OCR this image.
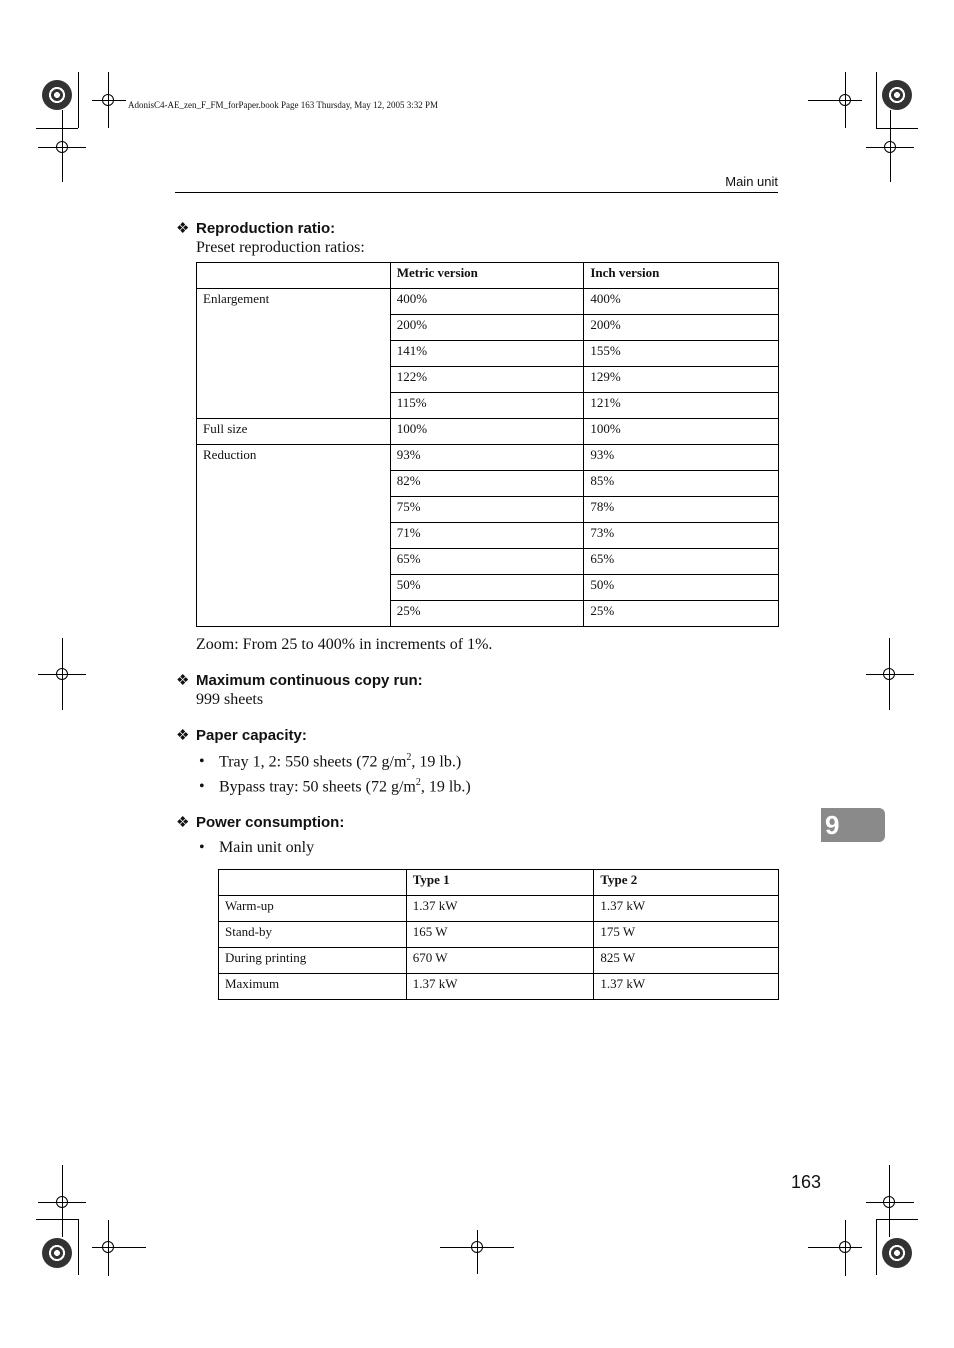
AdonisC4-AE_zen_F_FM_forPaper.book Page 163 Thursday, May 12, 2005 3:32 PM
Main unit
❖ Reproduction ratio:
Preset reproduction ratios:
	Metric version	Inch version
Enlargement	400%	400%
	200%	200%
	141%	155%
	122%	129%
	115%	121%
Full size	100%	100%
Reduction	93%	93%
	82%	85%
	75%	78%
	71%	73%
	65%	65%
	50%	50%
	25%	25%
Zoom: From 25 to 400% in increments of 1%.
❖ Maximum continuous copy run:
999 sheets
❖ Paper capacity:
• Tray 1, 2: 550 sheets (72 $g/m^2$, 19 lb.)
• Bypass tray: 50 sheets (72 $g/m^2$, 19 lb.)
❖ Power consumption:
• Main unit only
	Type 1	Type 2
Warm-up	1.37 kW	1.37 kW
Stand-by	165 W	175 W
During printing	670 W	825 W
Maximum	1.37 kW	1.37 kW
9
163
